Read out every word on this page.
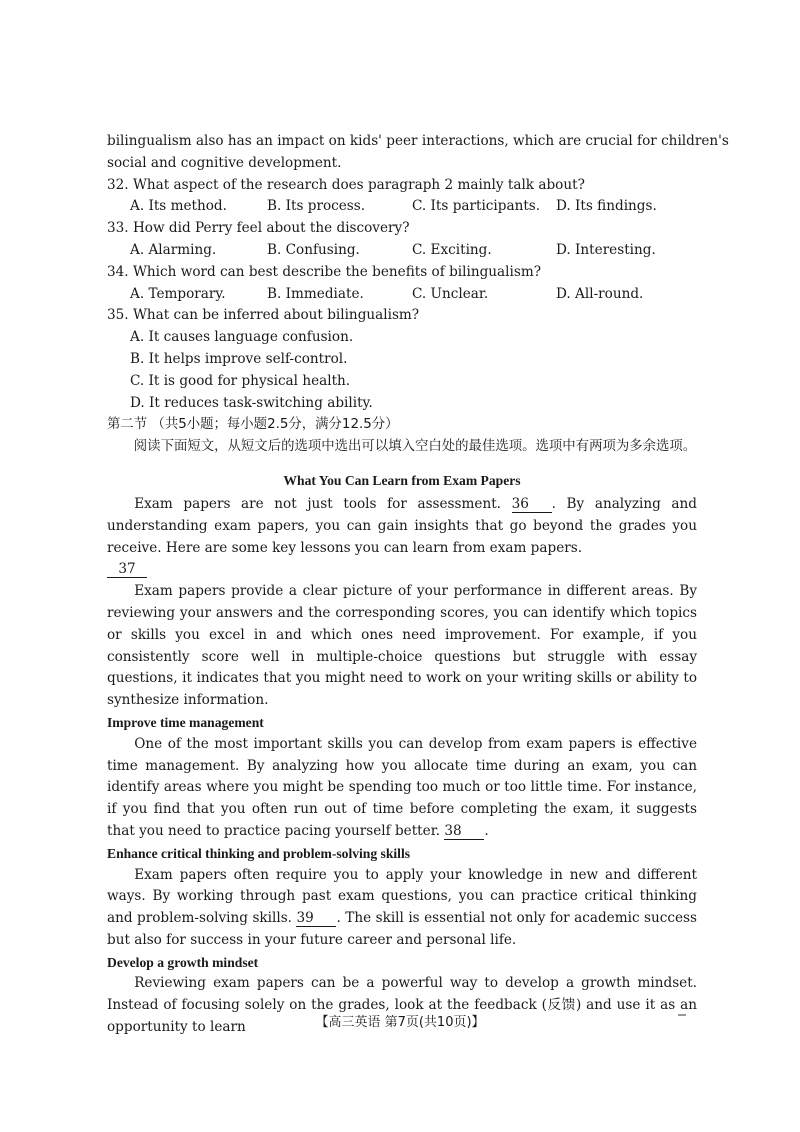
bilingualism also has an impact on kids' peer interactions, which are crucial for children's
social and cognitive development.
32. What aspect of the research does paragraph 2 mainly talk about?
A. Its method.	B. Its process.	C. Its participants.	D. Its findings.
33. How did Perry feel about the discovery?
A. Alarming.	B. Confusing.	C. Exciting.	D. Interesting.
34. Which word can best describe the benefits of bilingualism?
A. Temporary.	B. Immediate.	C. Unclear.	D. All-round.
35. What can be inferred about bilingualism?
A. It causes language confusion.
B. It helps improve self-control.
C. It is good for physical health.
D. It reduces task-switching ability.
第二节 （共5小题；每小题2.5分，满分12.5分）
阅读下面短文，从短文后的选项中选出可以填入空白处的最佳选项。选项中有两项为多余选项。
What You Can Learn from Exam Papers
Exam papers are not just tools for assessment. 36 . By analyzing and understanding exam papers, you can gain insights that go beyond the grades you receive. Here are some key lessons you can learn from exam papers.
37
Exam papers provide a clear picture of your performance in different areas. By reviewing your answers and the corresponding scores, you can identify which topics or skills you excel in and which ones need improvement. For example, if you consistently score well in multiple-choice questions but struggle with essay questions, it indicates that you might need to work on your writing skills or ability to synthesize information.
Improve time management
One of the most important skills you can develop from exam papers is effective time management. By analyzing how you allocate time during an exam, you can identify areas where you might be spending too much or too little time. For instance, if you find that you often run out of time before completing the exam, it suggests that you need to practice pacing yourself better. 38 .
Enhance critical thinking and problem-solving skills
Exam papers often require you to apply your knowledge in new and different ways. By working through past exam questions, you can practice critical thinking and problem-solving skills. 39 . The skill is essential not only for academic success but also for success in your future career and personal life.
Develop a growth mindset
Reviewing exam papers can be a powerful way to develop a growth mindset. Instead of focusing solely on the grades, look at the feedback (反馈) and use it as an opportunity to learn	【高三英语 第7页(共10页)】
